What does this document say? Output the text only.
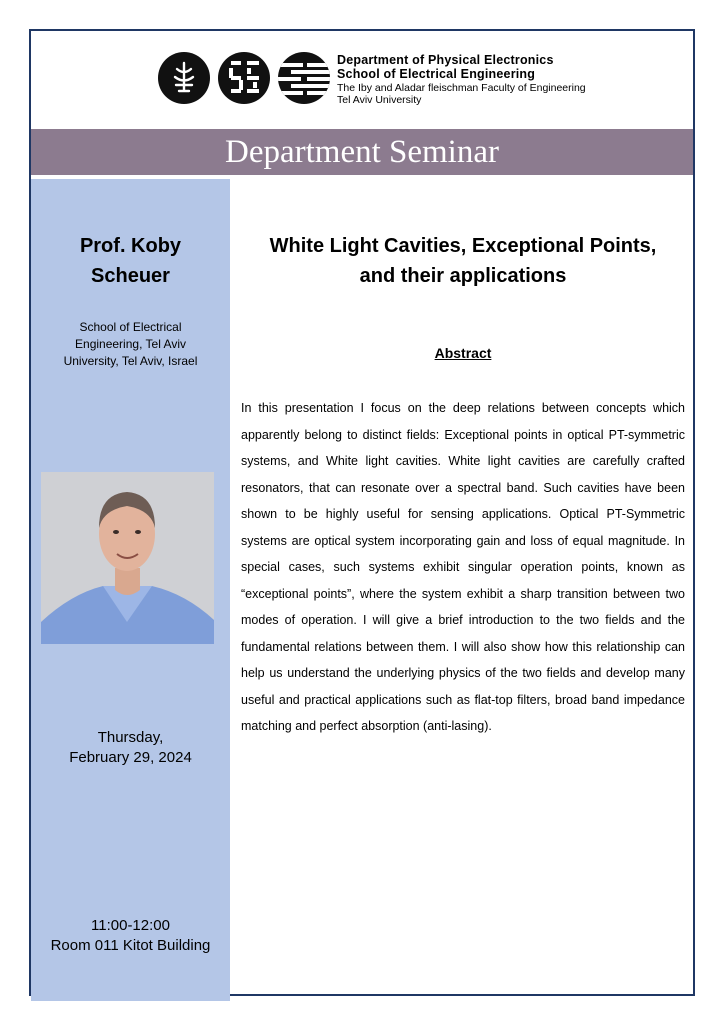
Department of Physical Electronics
School of Electrical Engineering
The Iby and Aladar fleischman Faculty of Engineering
Tel Aviv University
Department Seminar
Prof. Koby
Scheuer
School of Electrical
Engineering, Tel Aviv
University, Tel Aviv, Israel
Thursday,
February 29, 2024
11:00-12:00
Room 011 Kitot Building
White Light Cavities, Exceptional Points,
and their applications
Abstract
In this presentation I focus on the deep relations between concepts which apparently belong to distinct fields: Exceptional points in optical PT-symmetric systems, and White light cavities. White light cavities are carefully crafted resonators, that can resonate over a spectral band. Such cavities have been shown to be highly useful for sensing applications. Optical PT-Symmetric systems are optical system incorporating gain and loss of equal magnitude. In special cases, such systems exhibit singular operation points, known as “exceptional points”, where the system exhibit a sharp transition between two modes of operation. I will give a brief introduction to the two fields and the fundamental relations between them. I will also show how this relationship can help us understand the underlying physics of the two fields and develop many useful and practical applications such as flat-top filters, broad band impedance matching and perfect absorption (anti-lasing).
